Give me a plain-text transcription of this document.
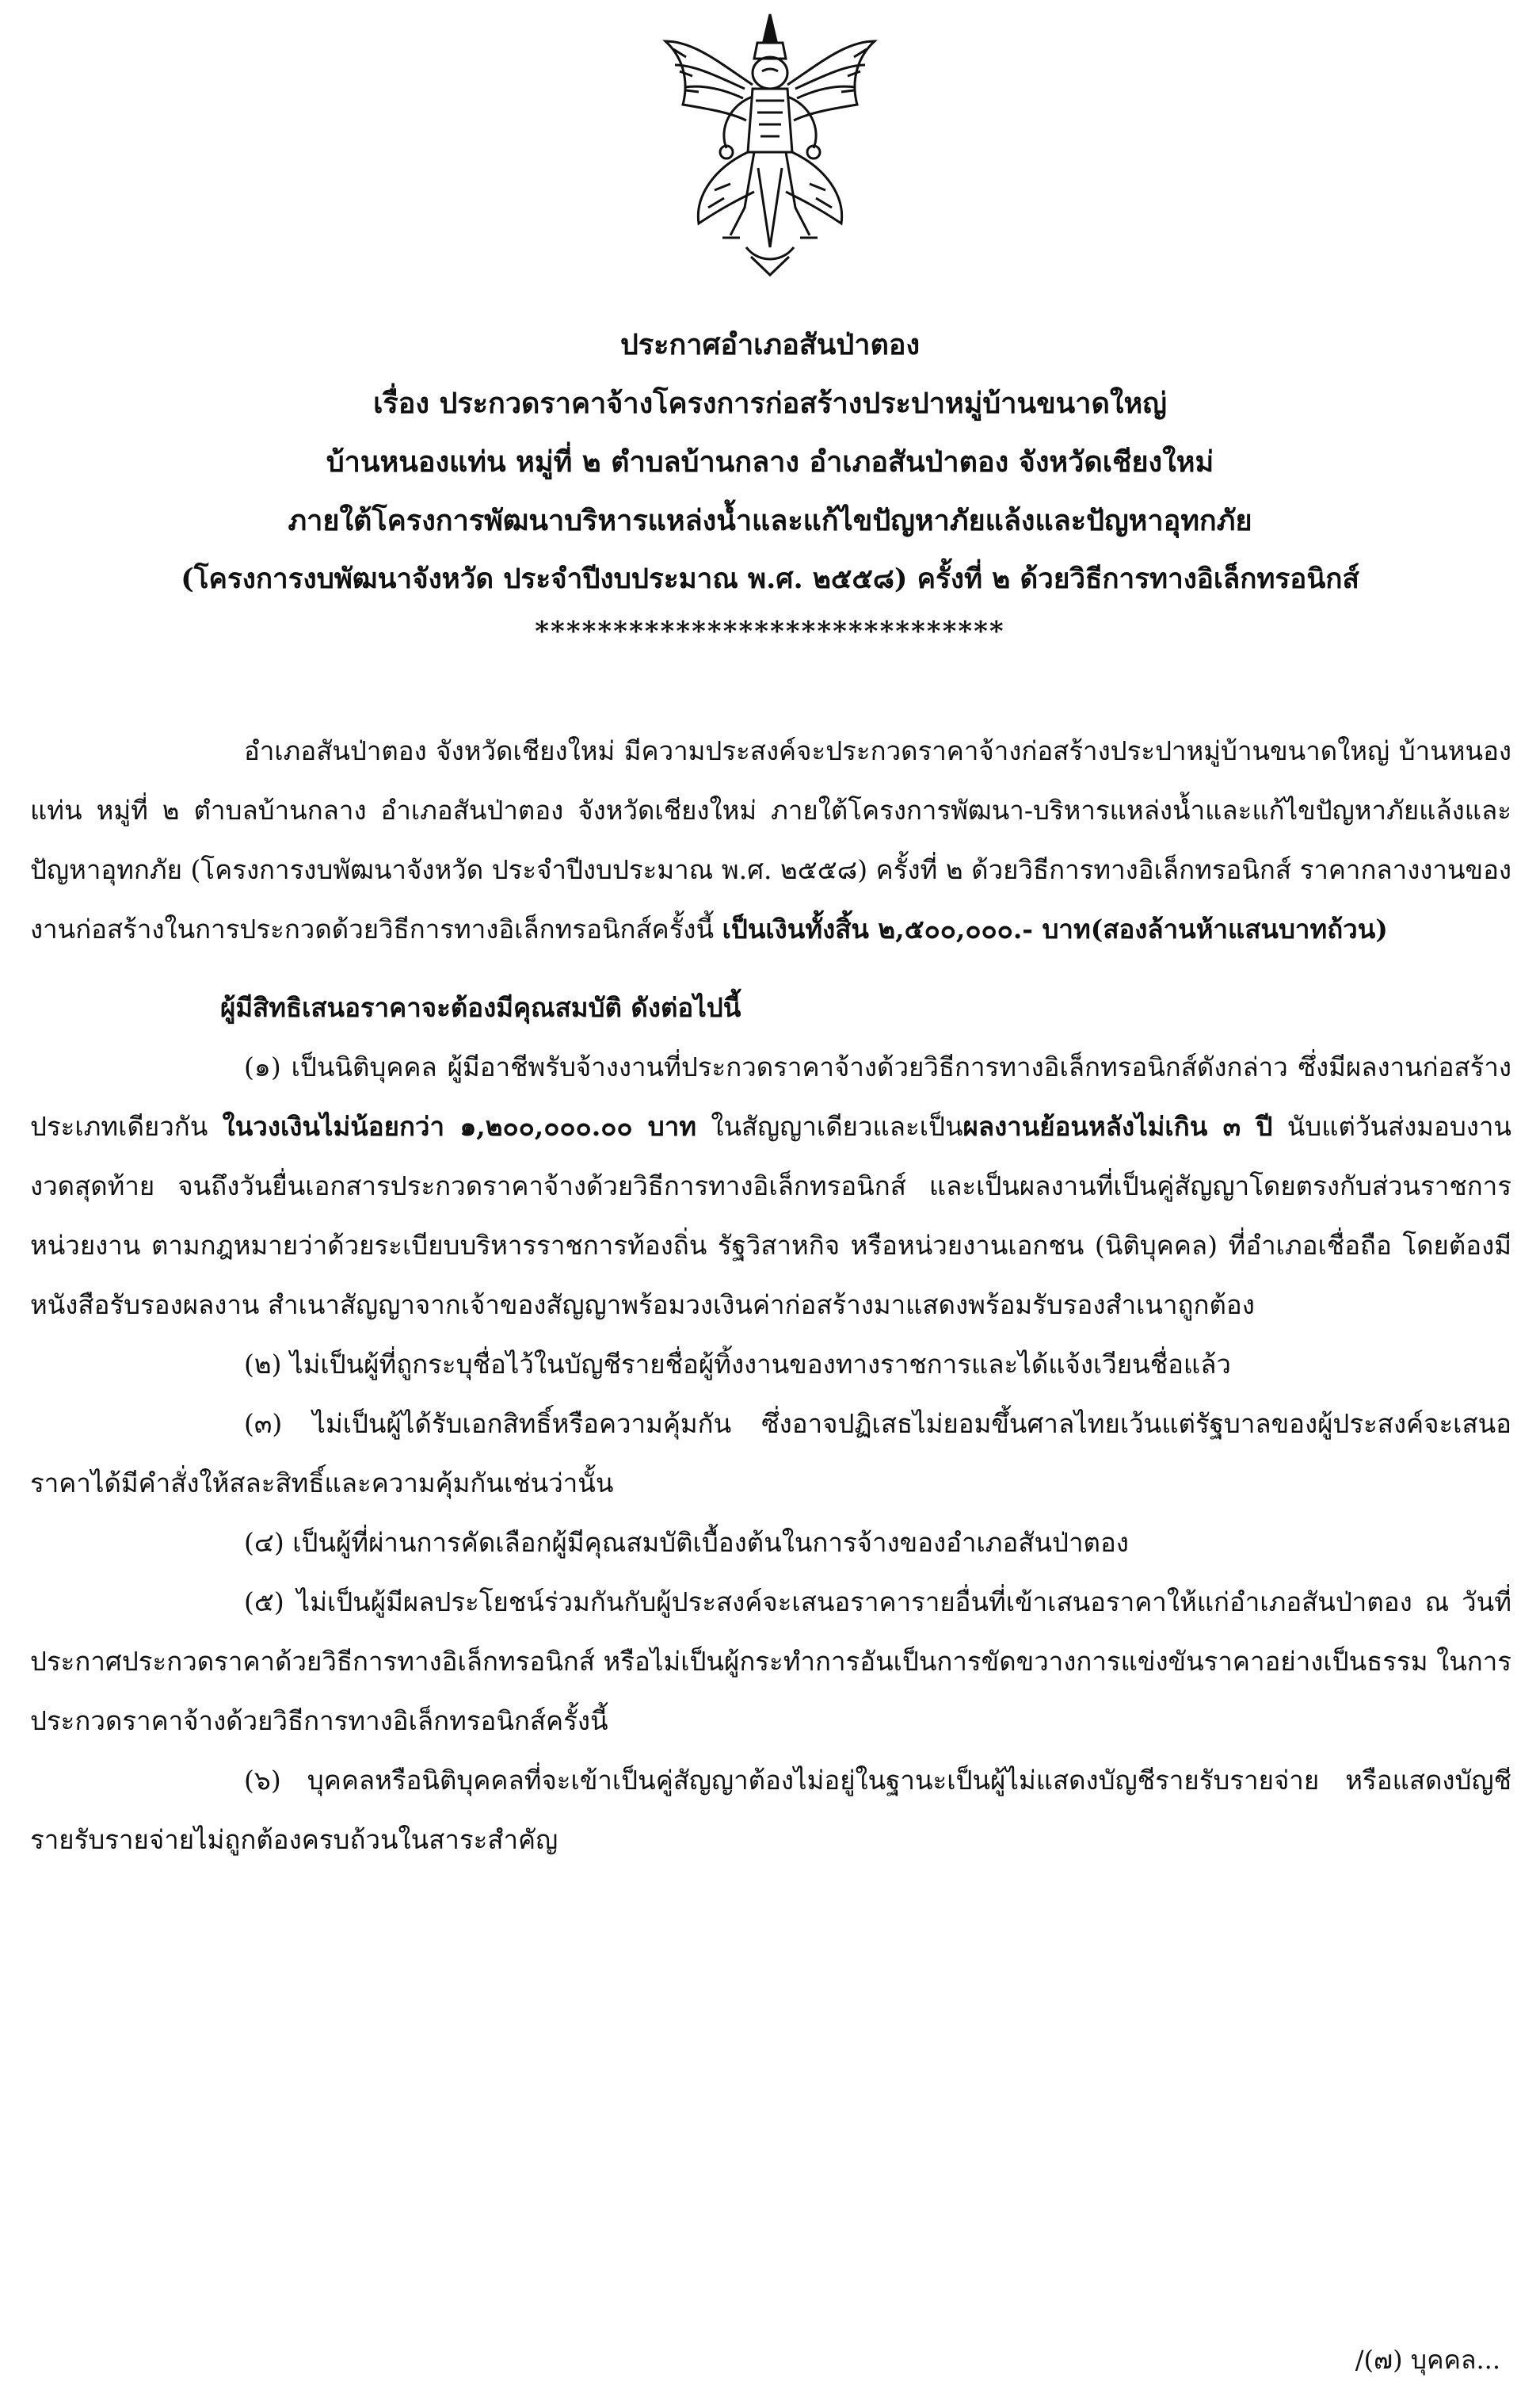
ประกาศอำเภอสันป่าตอง
เรื่อง ประกวดราคาจ้างโครงการก่อสร้างประปาหมู่บ้านขนาดใหญ่
บ้านหนองแท่น หมู่ที่ ๒ ตำบลบ้านกลาง อำเภอสันป่าตอง จังหวัดเชียงใหม่
ภายใต้โครงการพัฒนาบริหารแหล่งน้ำและแก้ไขปัญหาภัยแล้งและปัญหาอุทกภัย
(โครงการงบพัฒนาจังหวัด ประจำปีงบประมาณ พ.ศ. ๒๕๕๘) ครั้งที่ ๒ ด้วยวิธีการทางอิเล็กทรอนิกส์
******************************

อำเภอสันป่าตอง จังหวัดเชียงใหม่ มีความประสงค์จะประกวดราคาจ้างก่อสร้างประปาหมู่บ้านขนาดใหญ่ บ้านหนองแท่น หมู่ที่ ๒ ตำบลบ้านกลาง อำเภอสันป่าตอง จังหวัดเชียงใหม่ ภายใต้โครงการพัฒนา-บริหารแหล่งน้ำและแก้ไขปัญหาภัยแล้งและปัญหาอุทกภัย (โครงการงบพัฒนาจังหวัด ประจำปีงบประมาณ พ.ศ. ๒๕๕๘) ครั้งที่ ๒ ด้วยวิธีการทางอิเล็กทรอนิกส์ ราคากลางงานของงานก่อสร้างในการประกวดด้วยวิธีการทางอิเล็กทรอนิกส์ครั้งนี้ เป็นเงินทั้งสิ้น ๒,๕๐๐,๐๐๐.- บาท(สองล้านห้าแสนบาทถ้วน)

ผู้มีสิทธิเสนอราคาจะต้องมีคุณสมบัติ ดังต่อไปนี้

(๑) เป็นนิติบุคคล ผู้มีอาชีพรับจ้างงานที่ประกวดราคาจ้างด้วยวิธีการทางอิเล็กทรอนิกส์ดังกล่าว ซึ่งมีผลงานก่อสร้างประเภทเดียวกัน ในวงเงินไม่น้อยกว่า ๑,๒๐๐,๐๐๐.๐๐ บาท ในสัญญาเดียวและเป็นผลงานย้อนหลังไม่เกิน ๓ ปี นับแต่วันส่งมอบงานงวดสุดท้าย จนถึงวันยื่นเอกสารประกวดราคาจ้างด้วยวิธีการทางอิเล็กทรอนิกส์ และเป็นผลงานที่เป็นคู่สัญญาโดยตรงกับส่วนราชการ หน่วยงาน ตามกฎหมายว่าด้วยระเบียบบริหารราชการท้องถิ่น รัฐวิสาหกิจ หรือหน่วยงานเอกชน (นิติบุคคล) ที่อำเภอเชื่อถือ โดยต้องมีหนังสือรับรองผลงาน สำเนาสัญญาจากเจ้าของสัญญาพร้อมวงเงินค่าก่อสร้างมาแสดงพร้อมรับรองสำเนาถูกต้อง

(๒) ไม่เป็นผู้ที่ถูกระบุชื่อไว้ในบัญชีรายชื่อผู้ทิ้งงานของทางราชการและได้แจ้งเวียนชื่อแล้ว

(๓) ไม่เป็นผู้ได้รับเอกสิทธิ์หรือความคุ้มกัน ซึ่งอาจปฏิเสธไม่ยอมขึ้นศาลไทยเว้นแต่รัฐบาลของผู้ประสงค์จะเสนอราคาได้มีคำสั่งให้สละสิทธิ์และความคุ้มกันเช่นว่านั้น

(๔) เป็นผู้ที่ผ่านการคัดเลือกผู้มีคุณสมบัติเบื้องต้นในการจ้างของอำเภอสันป่าตอง

(๕) ไม่เป็นผู้มีผลประโยชน์ร่วมกันกับผู้ประสงค์จะเสนอราคารายอื่นที่เข้าเสนอราคาให้แก่อำเภอสันป่าตอง ณ วันที่ประกาศประกวดราคาด้วยวิธีการทางอิเล็กทรอนิกส์ หรือไม่เป็นผู้กระทำการอันเป็นการขัดขวางการแข่งขันราคาอย่างเป็นธรรม ในการประกวดราคาจ้างด้วยวิธีการทางอิเล็กทรอนิกส์ครั้งนี้

(๖) บุคคลหรือนิติบุคคลที่จะเข้าเป็นคู่สัญญาต้องไม่อยู่ในฐานะเป็นผู้ไม่แสดงบัญชีรายรับรายจ่าย หรือแสดงบัญชีรายรับรายจ่ายไม่ถูกต้องครบถ้วนในสาระสำคัญ

/(๗) บุคคล...
